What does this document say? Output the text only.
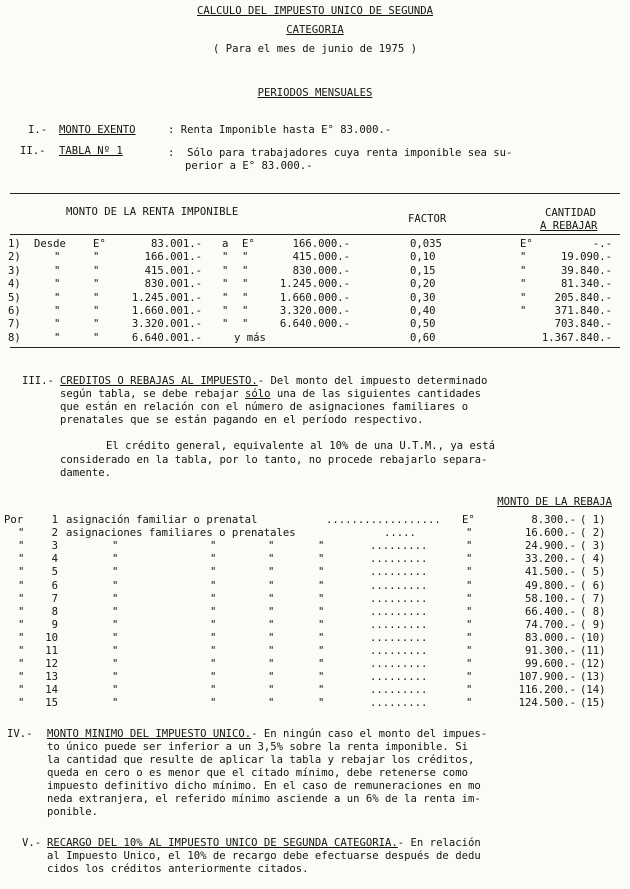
CALCULO DEL IMPUESTO UNICO DE SEGUNDA
CATEGORIA
( Para el mes de junio de 1975 )
PERIODOS MENSUALES
I.- MONTO EXENTO	: Renta Imponible hasta E° 83.000.-
II.- TABLA Nº 1	:  Sólo para trabajadores cuya renta imponible sea su-
perior a E° 83.000.-
MONTO DE LA RENTA IMPONIBLE
FACTOR	CANTIDAD
A REBAJAR
1) Desde	E°	83.001.- a E°	166.000.-	0,035	E°	-.-
2)	"	"	166.001.- " "	415.000.-	0,10	"	19.090.-
3)	"	"	415.001.- " "	830.000.-	0,15	"	39.840.-
4)	"	"	830.001.- " "	1.245.000.-	0,20	"	81.340.-
5)	"	"	1.245.001.- " "	1.660.000.-	0,30	"	205.840.-
6)	"	"	1.660.001.- " "	3.320.000.-	0,40	"	371.840.-
7)	"	"	3.320.001.- " "	6.640.000.-	0,50	703.840.-
8)	"	"	6.640.001.-	y más	0,60	1.367.840.-
III.- CREDITOS O REBAJAS AL IMPUESTO.- Del monto del impuesto determinado
según tabla, se debe rebajar sólo una de las siguientes cantidades
que están en relación con el número de asignaciones familiares o
prenatales que se están pagando en el período respectivo.
El crédito general, equivalente al 10% de una U.T.M., ya está
considerado en la tabla, por lo tanto, no procede rebajarlo separa-
damente.
MONTO DE LA REBAJA
Por	1 asignación familiar o prenatal	.................. E°	8.300.- ( 1)
"	2 asignaciones familiares o prenatales	.....	"	16.600.- ( 2)
"	3	"	"	"	"	.........	"	24.900.- ( 3)
"	4	"	"	"	"	.........	"	33.200.- ( 4)
"	5	"	"	"	"	.........	"	41.500.- ( 5)
"	6	"	"	"	"	.........	"	49.800.- ( 6)
"	7	"	"	"	"	.........	"	58.100.- ( 7)
"	8	"	"	"	"	.........	"	66.400.- ( 8)
"	9	"	"	"	"	.........	"	74.700.- ( 9)
"	10	"	"	"	"	.........	"	83.000.- (10)
"	11	"	"	"	"	.........	"	91.300.- (11)
"	12	"	"	"	"	.........	"	99.600.- (12)
"	13	"	"	"	"	.........	"	107.900.- (13)
"	14	"	"	"	"	.........	"	116.200.- (14)
"	15	"	"	"	"	.........	"	124.500.- (15)
IV.- MONTO MINIMO DEL IMPUESTO UNICO.- En ningún caso el monto del impues-
to único puede ser inferior a un 3,5% sobre la renta imponible. Si
la cantidad que resulte de aplicar la tabla y rebajar los créditos,
queda en cero o es menor que el citado mínimo, debe retenerse como
impuesto definitivo dicho mínimo. En el caso de remuneraciones en mo
neda extranjera, el referido mínimo asciende a un 6% de la renta im-
ponible.
V.- RECARGO DEL 10% AL IMPUESTO UNICO DE SEGUNDA CATEGORIA.- En relación
al Impuesto Unico, el 10% de recargo debe efectuarse después de dedu
cidos los créditos anteriormente citados.
